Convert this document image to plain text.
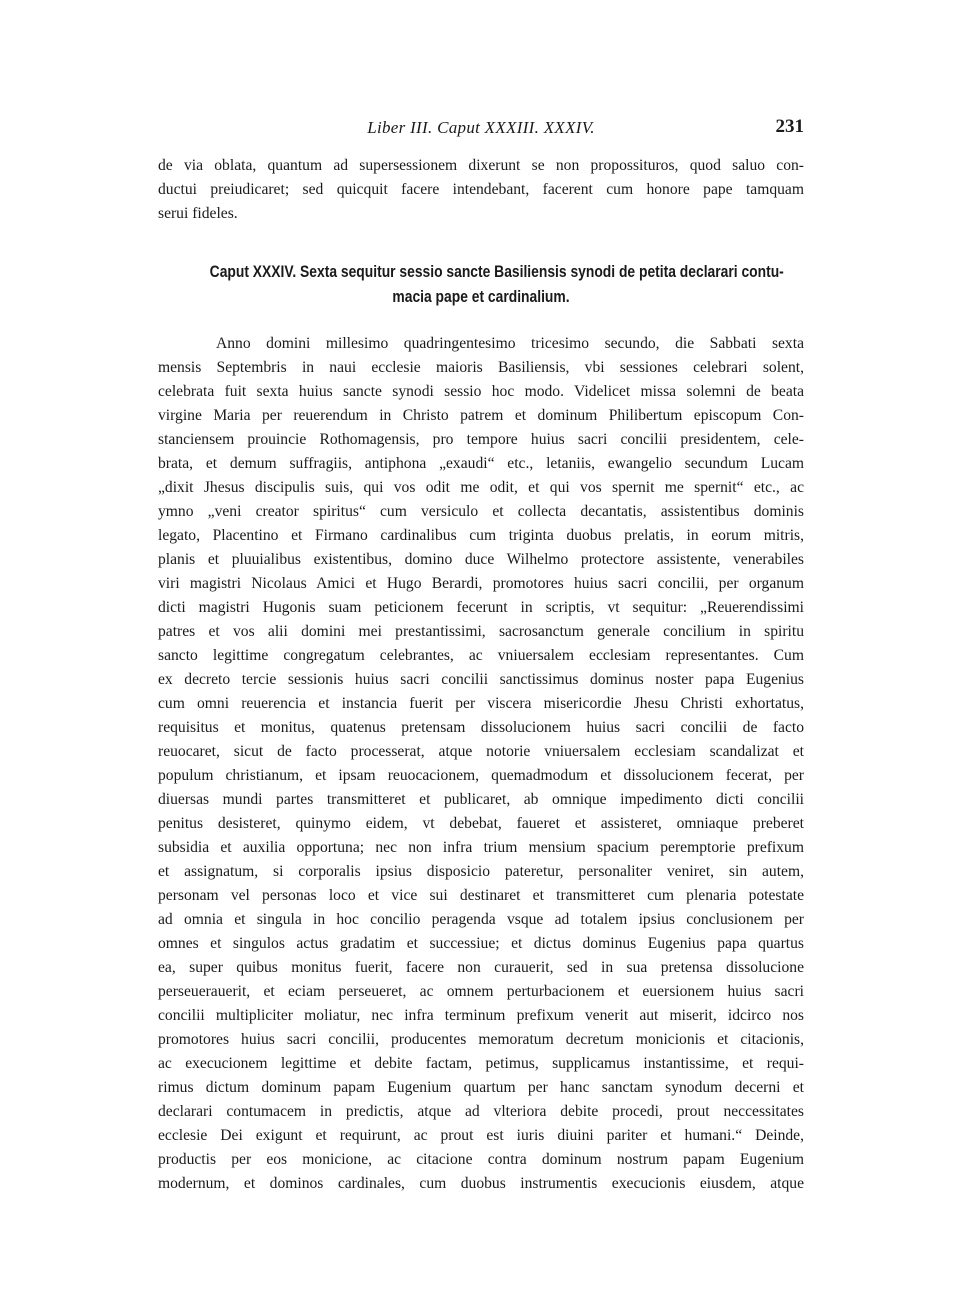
Liber III. Caput XXXIII. XXXIV.	231
de via oblata, quantum ad supersessionem dixerunt se non propossituros, quod saluo con-
ductui preiudicaret; sed quicquit facere intendebant, facerent cum honore pape tamquam
serui fideles.
Caput XXXIV. Sexta sequitur sessio sancte Basiliensis synodi de petita declarari contu-
macia pape et cardinalium.
Anno domini millesimo quadringentesimo tricesimo secundo, die Sabbati sexta
mensis Septembris in naui ecclesie maioris Basiliensis, vbi sessiones celebrari solent,
celebrata fuit sexta huius sancte synodi sessio hoc modo. Videlicet missa solemni de beata
virgine Maria per reuerendum in Christo patrem et dominum Philibertum episcopum Con-
stanciensem prouincie Rothomagensis, pro tempore huius sacri concilii presidentem, cele-
brata, et demum suffragiis, antiphona „exaudi“ etc., letaniis, ewangelio secundum Lucam
„dixit Jhesus discipulis suis, qui vos odit me odit, et qui vos spernit me spernit“ etc., ac
ymno „veni creator spiritus“ cum versiculo et collecta decantatis, assistentibus dominis
legato, Placentino et Firmano cardinalibus cum triginta duobus prelatis, in eorum mitris,
planis et pluuialibus existentibus, domino duce Wilhelmo protectore assistente, venerabiles
viri magistri Nicolaus Amici et Hugo Berardi, promotores huius sacri concilii, per organum
dicti magistri Hugonis suam peticionem fecerunt in scriptis, vt sequitur: „Reuerendissimi
patres et vos alii domini mei prestantissimi, sacrosanctum generale concilium in spiritu
sancto legittime congregatum celebrantes, ac vniuersalem ecclesiam representantes. Cum
ex decreto tercie sessionis huius sacri concilii sanctissimus dominus noster papa Eugenius
cum omni reuerencia et instancia fuerit per viscera misericordie Jhesu Christi exhortatus,
requisitus et monitus, quatenus pretensam dissolucionem huius sacri concilii de facto
reuocaret, sicut de facto processerat, atque notorie vniuersalem ecclesiam scandalizat et
populum christianum, et ipsam reuocacionem, quemadmodum et dissolucionem fecerat, per
diuersas mundi partes transmitteret et publicaret, ab omnique impedimento dicti concilii
penitus desisteret, quinymo eidem, vt debebat, faueret et assisteret, omniaque preberet
subsidia et auxilia opportuna; nec non infra trium mensium spacium peremptorie prefixum
et assignatum, si corporalis ipsius disposicio pateretur, personaliter veniret, sin autem,
personam vel personas loco et vice sui destinaret et transmitteret cum plenaria potestate
ad omnia et singula in hoc concilio peragenda vsque ad totalem ipsius conclusionem per
omnes et singulos actus gradatim et successiue; et dictus dominus Eugenius papa quartus
ea, super quibus monitus fuerit, facere non curauerit, sed in sua pretensa dissolucione
perseuerauerit, et eciam perseueret, ac omnem perturbacionem et euersionem huius sacri
concilii multipliciter moliatur, nec infra terminum prefixum venerit aut miserit, idcirco nos
promotores huius sacri concilii, producentes memoratum decretum monicionis et citacionis,
ac execucionem legittime et debite factam, petimus, supplicamus instantissime, et requi-
rimus dictum dominum papam Eugenium quartum per hanc sanctam synodum decerni et
declarari contumacem in predictis, atque ad vlteriora debite procedi, prout neccessitates
ecclesie Dei exigunt et requirunt, ac prout est iuris diuini pariter et humani.“ Deinde,
productis per eos monicione, ac citacione contra dominum nostrum papam Eugenium
modernum, et dominos cardinales, cum duobus instrumentis execucionis eiusdem, atque
